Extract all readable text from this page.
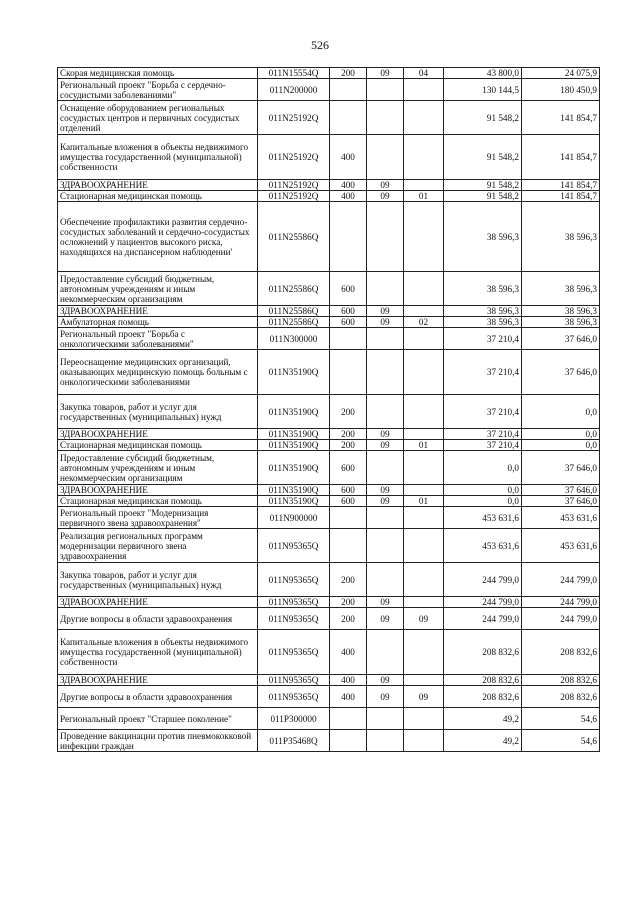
526
Скорая медицинская помощь	011N15554Q	200	09	04	43 800,0	24 075,9
Региональный проект "Борьба с сердечно-сосудистыми заболеваниями"	011N200000				130 144,5	180 450,9
Оснащение оборудованием региональных сосудистых центров и первичных сосудистых отделений	011N25192Q				91 548,2	141 854,7
Капитальные вложения в объекты недвижимого имущества государственной (муниципальной) собственности	011N25192Q	400			91 548,2	141 854,7
ЗДРАВООХРАНЕНИЕ	011N25192Q	400	09		91 548,2	141 854,7
Стационарная медицинская помощь	011N25192Q	400	09	01	91 548,2	141 854,7
Обеспечение профилактики развития сердечно-сосудистых заболеваний и сердечно-сосудистых осложнений у пациентов высокого риска, находящихся на диспансерном наблюдении'	011N25586Q				38 596,3	38 596,3
Предоставление субсидий бюджетным, автономным учреждениям и иным некоммерческим организациям	011N25586Q	600			38 596,3	38 596,3
ЗДРАВООХРАНЕНИЕ	011N25586Q	600	09		38 596,3	38 596,3
Амбулаторная помощь	011N25586Q	600	09	02	38 596,3	38 596,3
Региональный проект "Борьба с онкологическими заболеваниями"	011N300000				37 210,4	37 646,0
Переоснащение медицинских организаций, оказывающих медицинскую помощь больным с онкологическими заболеваниями	011N35190Q				37 210,4	37 646,0
Закупка товаров, работ и услуг для государственных (муниципальных) нужд	011N35190Q	200			37 210,4	0,0
ЗДРАВООХРАНЕНИЕ	011N35190Q	200	09		37 210,4	0,0
Стационарная медицинская помощь	011N35190Q	200	09	01	37 210,4	0,0
Предоставление субсидий бюджетным, автономным учреждениям и иным некоммерческим организациям	011N35190Q	600			0,0	37 646,0
ЗДРАВООХРАНЕНИЕ	011N35190Q	600	09		0,0	37 646,0
Стационарная медицинская помощь	011N35190Q	600	09	01	0,0	37 646,0
Региональный проект "Модернизация первичного звена здравоохранения"	011N900000				453 631,6	453 631,6
Реализация региональных программ модернизации первичного звена здравоохранения	011N95365Q				453 631,6	453 631,6
Закупка товаров, работ и услуг для государственных (муниципальных) нужд	011N95365Q	200			244 799,0	244 799,0
ЗДРАВООХРАНЕНИЕ	011N95365Q	200	09		244 799,0	244 799,0
Другие вопросы в области здравоохранения	011N95365Q	200	09	09	244 799,0	244 799,0
Капитальные вложения в объекты недвижимого имущества государственной (муниципальной) собственности	011N95365Q	400			208 832,6	208 832,6
ЗДРАВООХРАНЕНИЕ	011N95365Q	400	09		208 832,6	208 832,6
Другие вопросы в области здравоохранения	011N95365Q	400	09	09	208 832,6	208 832,6
Региональный проект "Старшее поколение"	011P300000				49,2	54,6
Проведение вакцинации против пневмококковой инфекции граждан	011P35468Q				49,2	54,6
